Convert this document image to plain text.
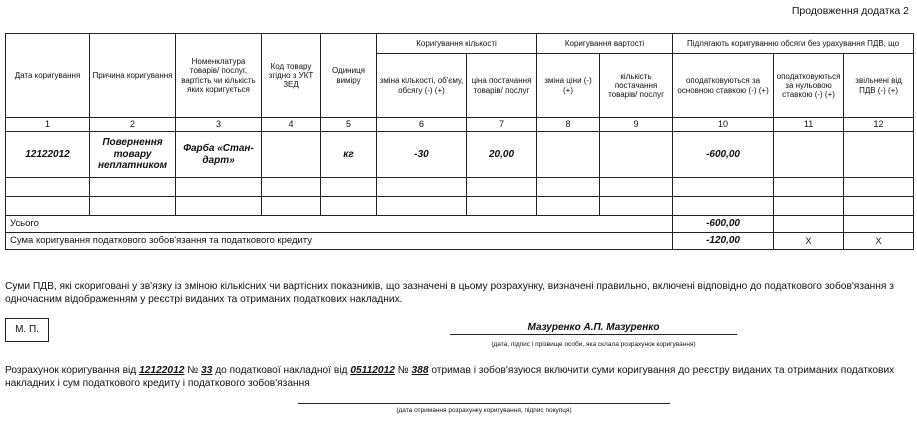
Продовження додатка 2
Дата коригування	Причина коригування	Номенклатура товарів/ послуг, вартість чи кількість яких коригується	Код товару згідно з УКТ ЗЕД	Одиниця виміру	Коригування кількості		Коригування вартості		Підлягають коригуванню обсяги без урахування ПДВ, що		
					зміна кількості, об'єму, обсягу (-) (+)	ціна постачання товарів/ послуг	зміна ціни (-) (+)	кількість постачання товарів/ послуг	оподатковуються за основною ставкою (-) (+)	оподатковуються за нульовою ставкою (-) (+)	звільнені від ПДВ (-) (+)
1	2	3	4	5	6	7	8	9	10	11	12
12122012	Повернення товару неплатником	Фарба «Стан-дарт»		кг	-30	20,00			-600,00		

Усього									-600,00		
Сума коригування податкового зобов'язання та податкового кредиту									-120,00	X	X
Суми ПДВ, які скориговані у зв'язку із зміною кількісних чи вартісних показників, що зазначені в цьому розрахунку, визначені правильно, включені відповідно до податкового зобов'язання з одночасним відображенням у реєстрі виданих та отриманих податкових накладних.
М. П.	Мазуренко А.П. Мазуренко
(дата, підпис і прізвище особи, яка склала розрахунок коригування)
Розрахунок коригування від 12122012 № 33 до податкової накладної від 05112012 № 388 отримав і зобов'язуюся включити суми коригування до реєстру виданих та отриманих податкових накладних і сум податкового кредиту і податкового зобов'язання
(дата отримання розрахунку коригування, підпис покупця)
